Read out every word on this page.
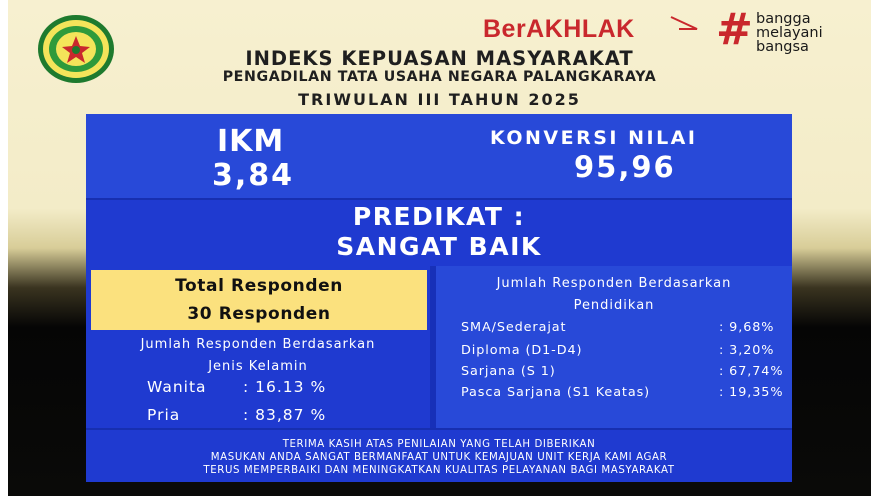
BerAKHLAK	# bangga
melayani
bangsa
INDEKS KEPUASAN MASYARAKAT
PENGADILAN TATA USAHA NEGARA PALANGKARAYA
TRIWULAN III TAHUN 2025
IKM
3,84
KONVERSI NILAI
95,96
PREDIKAT :
SANGAT BAIK
Total Responden
30 Responden
Jumlah Responden Berdasarkan
Jenis Kelamin
Wanita : 16.13 %
Pria	: 83,87 %
Jumlah Responden Berdasarkan
Pendidikan
SMA/Sederajat	: 9,68%
Diploma (D1-D4)	: 3,20%
Sarjana (S 1)	: 67,74%
Pasca Sarjana (S1 Keatas)	: 19,35%
TERIMA KASIH ATAS PENILAIAN YANG TELAH DIBERIKAN
MASUKAN ANDA SANGAT BERMANFAAT UNTUK KEMAJUAN UNIT KERJA KAMI AGAR
TERUS MEMPERBAIKI DAN MENINGKATKAN KUALITAS PELAYANAN BAGI MASYARAKAT
